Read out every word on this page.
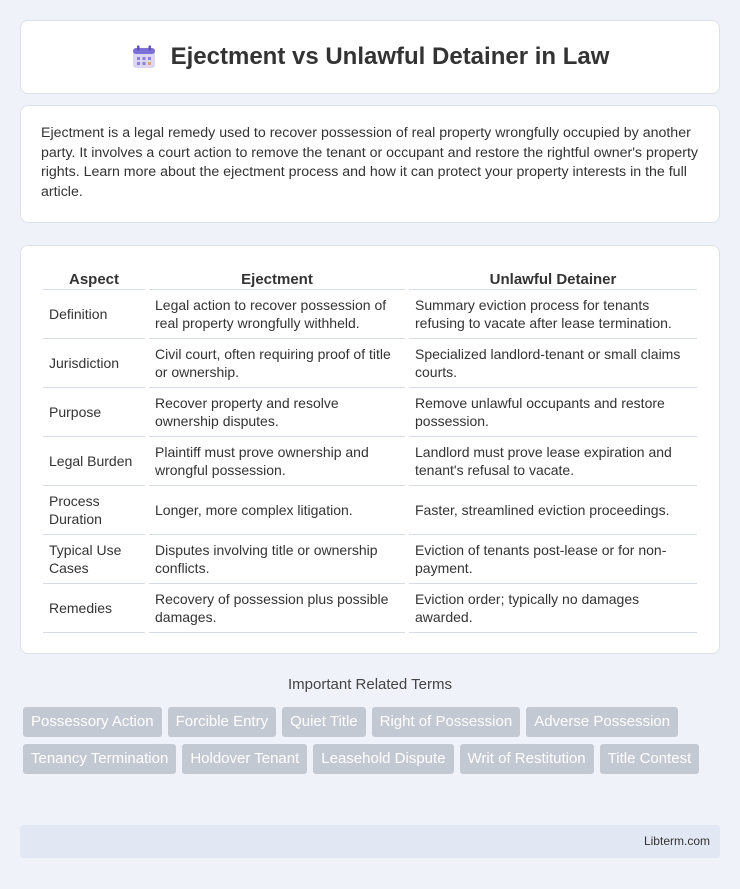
Ejectment vs Unlawful Detainer in Law

Ejectment is a legal remedy used to recover possession of real property wrongfully occupied by another party. It involves a court action to remove the tenant or occupant and restore the rightful owner's property rights. Learn more about the ejectment process and how it can protect your property interests in the full article.

Aspect	Ejectment	Unlawful Detainer
Definition	Legal action to recover possession of real property wrongfully withheld.	Summary eviction process for tenants refusing to vacate after lease termination.
Jurisdiction	Civil court, often requiring proof of title or ownership.	Specialized landlord-tenant or small claims courts.
Purpose	Recover property and resolve ownership disputes.	Remove unlawful occupants and restore possession.
Legal Burden	Plaintiff must prove ownership and wrongful possession.	Landlord must prove lease expiration and tenant's refusal to vacate.
Process Duration	Longer, more complex litigation.	Faster, streamlined eviction proceedings.
Typical Use Cases	Disputes involving title or ownership conflicts.	Eviction of tenants post-lease or for non-payment.
Remedies	Recovery of possession plus possible damages.	Eviction order; typically no damages awarded.
Important Related Terms
Possessory Action	Forcible Entry	Quiet Title	Right of Possession	Adverse Possession
Tenancy Termination	Holdover Tenant	Leasehold Dispute	Writ of Restitution	Title Contest
Libterm.com
